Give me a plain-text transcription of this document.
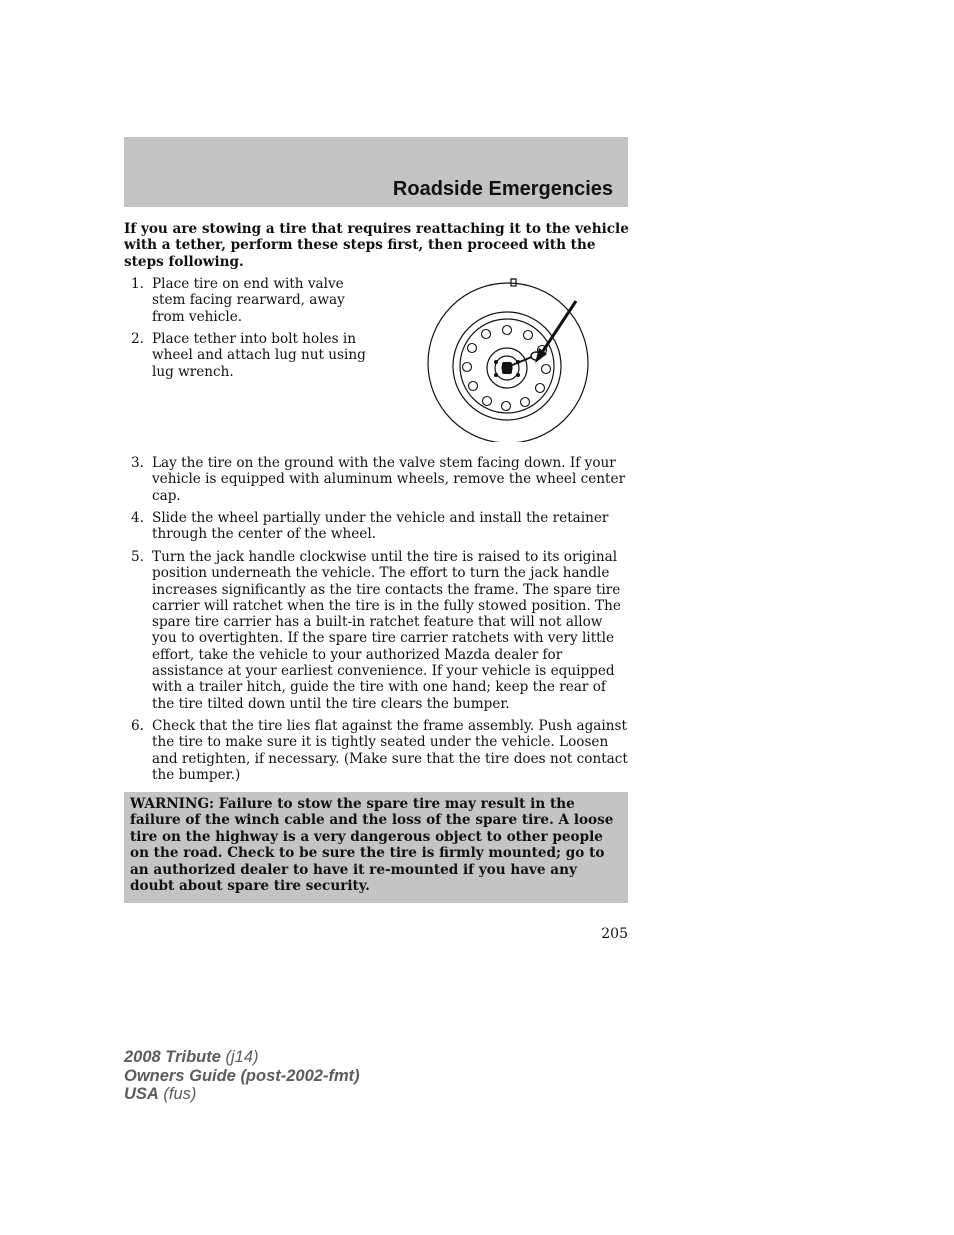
Roadside Emergencies

If you are stowing a tire that requires reattaching it to the vehicle with a tether, perform these steps first, then proceed with the steps following.

1. Place tire on end with valve stem facing rearward, away from vehicle.
2. Place tether into bolt holes in wheel and attach lug nut using lug wrench.
3. Lay the tire on the ground with the valve stem facing down. If your vehicle is equipped with aluminum wheels, remove the wheel center cap.
4. Slide the wheel partially under the vehicle and install the retainer through the center of the wheel.
5. Turn the jack handle clockwise until the tire is raised to its original position underneath the vehicle. The effort to turn the jack handle increases significantly as the tire contacts the frame. The spare tire carrier will ratchet when the tire is in the fully stowed position. The spare tire carrier has a built-in ratchet feature that will not allow you to overtighten. If the spare tire carrier ratchets with very little effort, take the vehicle to your authorized Mazda dealer for assistance at your earliest convenience. If your vehicle is equipped with a trailer hitch, guide the tire with one hand; keep the rear of the tire tilted down until the tire clears the bumper.
6. Check that the tire lies flat against the frame assembly. Push against the tire to make sure it is tightly seated under the vehicle. Loosen and retighten, if necessary. (Make sure that the tire does not contact the bumper.)

WARNING: Failure to stow the spare tire may result in the failure of the winch cable and the loss of the spare tire. A loose tire on the highway is a very dangerous object to other people on the road. Check to be sure the tire is firmly mounted; go to an authorized dealer to have it re-mounted if you have any doubt about spare tire security.

205

2008 Tribute (j14)
Owners Guide (post-2002-fmt)
USA (fus)
